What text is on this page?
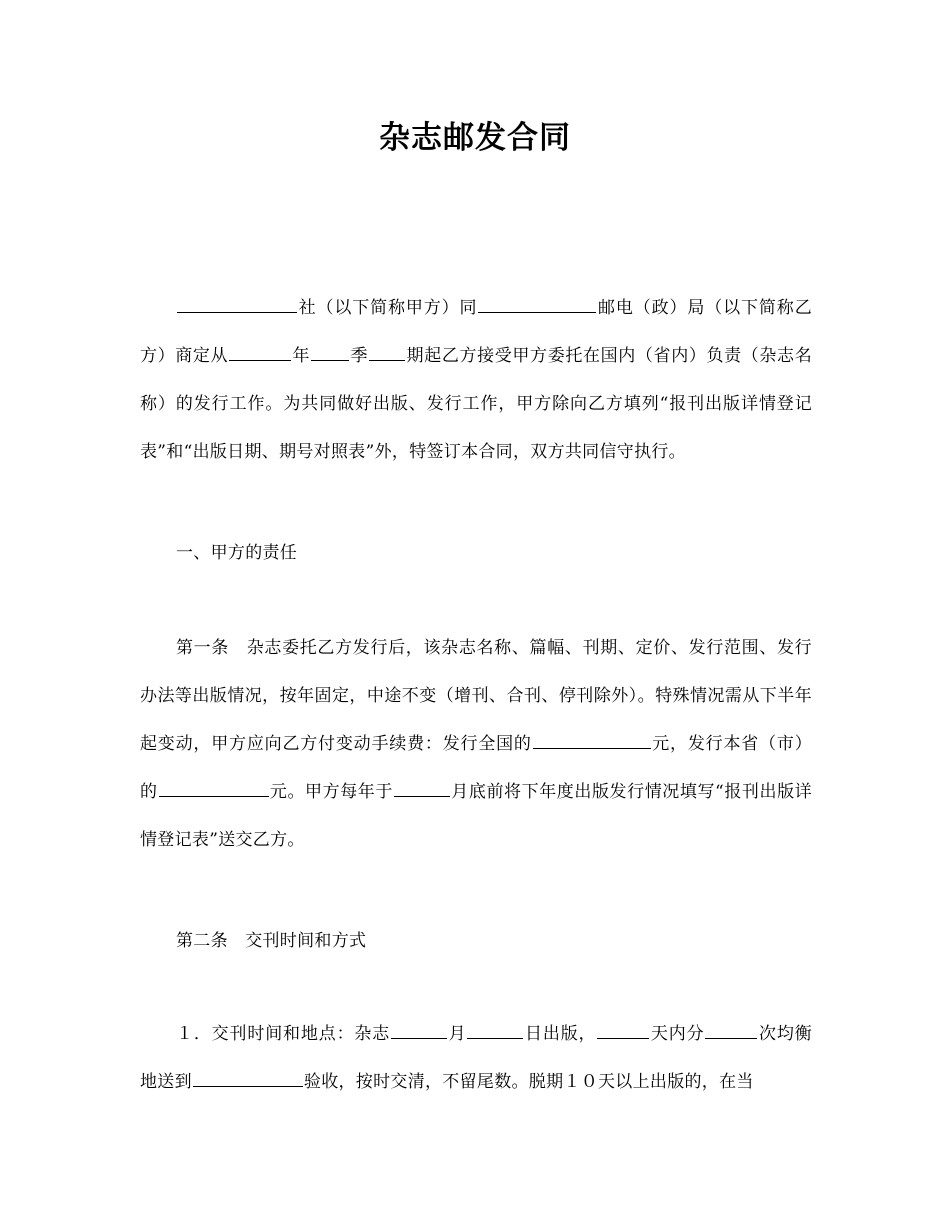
杂志邮发合同
社（以下简称甲方）同	邮电（政）局（以下简称乙方）商定从	年 季 期起乙方接受甲方委托在国内（省内）负责（杂志名称）的发行工作。为共同做好出版、发行工作，甲方除向乙方填列“报刊出版详情登记表”和“出版日期、期号对照表”外，特签订本合同，双方共同信守执行。
一、甲方的责任
第一条　 杂志委托乙方发行后，该杂志名称、篇幅、刊期、定价、发行范围、发行办法等出版情况，按年固定，中途不变（增刊、合刊、停刊除外）。特殊情况需从下半年起变动，甲方应向乙方付变动手续费：发行全国的	元，发行本省（市）的	元。甲方每年于	月底前将下年度出版发行情况填写“报刊出版详情登记表”送交乙方。
第二条　交刊时间和方式
１．交刊时间和地点：杂志	月	日出版，	天内分	次均衡地送到	验收，按时交清，不留尾数。脱期１０天以上出版的，在当
